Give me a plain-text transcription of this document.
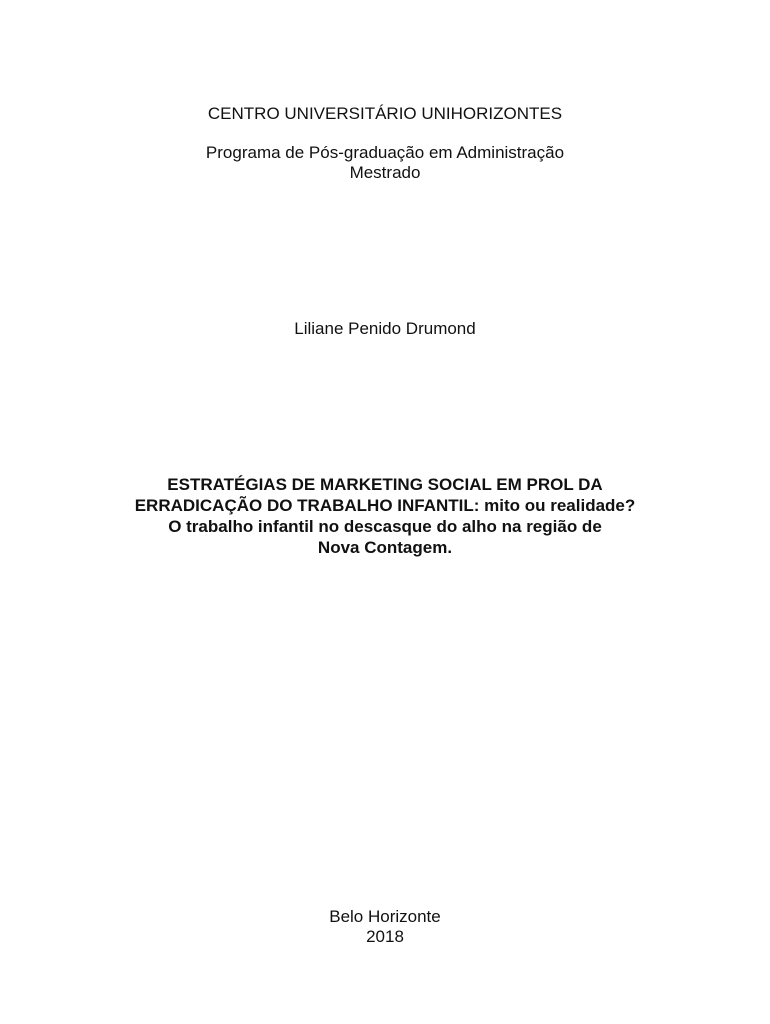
CENTRO UNIVERSITÁRIO UNIHORIZONTES
Programa de Pós-graduação em Administração
Mestrado
Liliane Penido Drumond
ESTRATÉGIAS DE MARKETING SOCIAL EM PROL DA
ERRADICAÇÃO DO TRABALHO INFANTIL: mito ou realidade?
O trabalho infantil no descasque do alho na região de
Nova Contagem.
Belo Horizonte
2018
